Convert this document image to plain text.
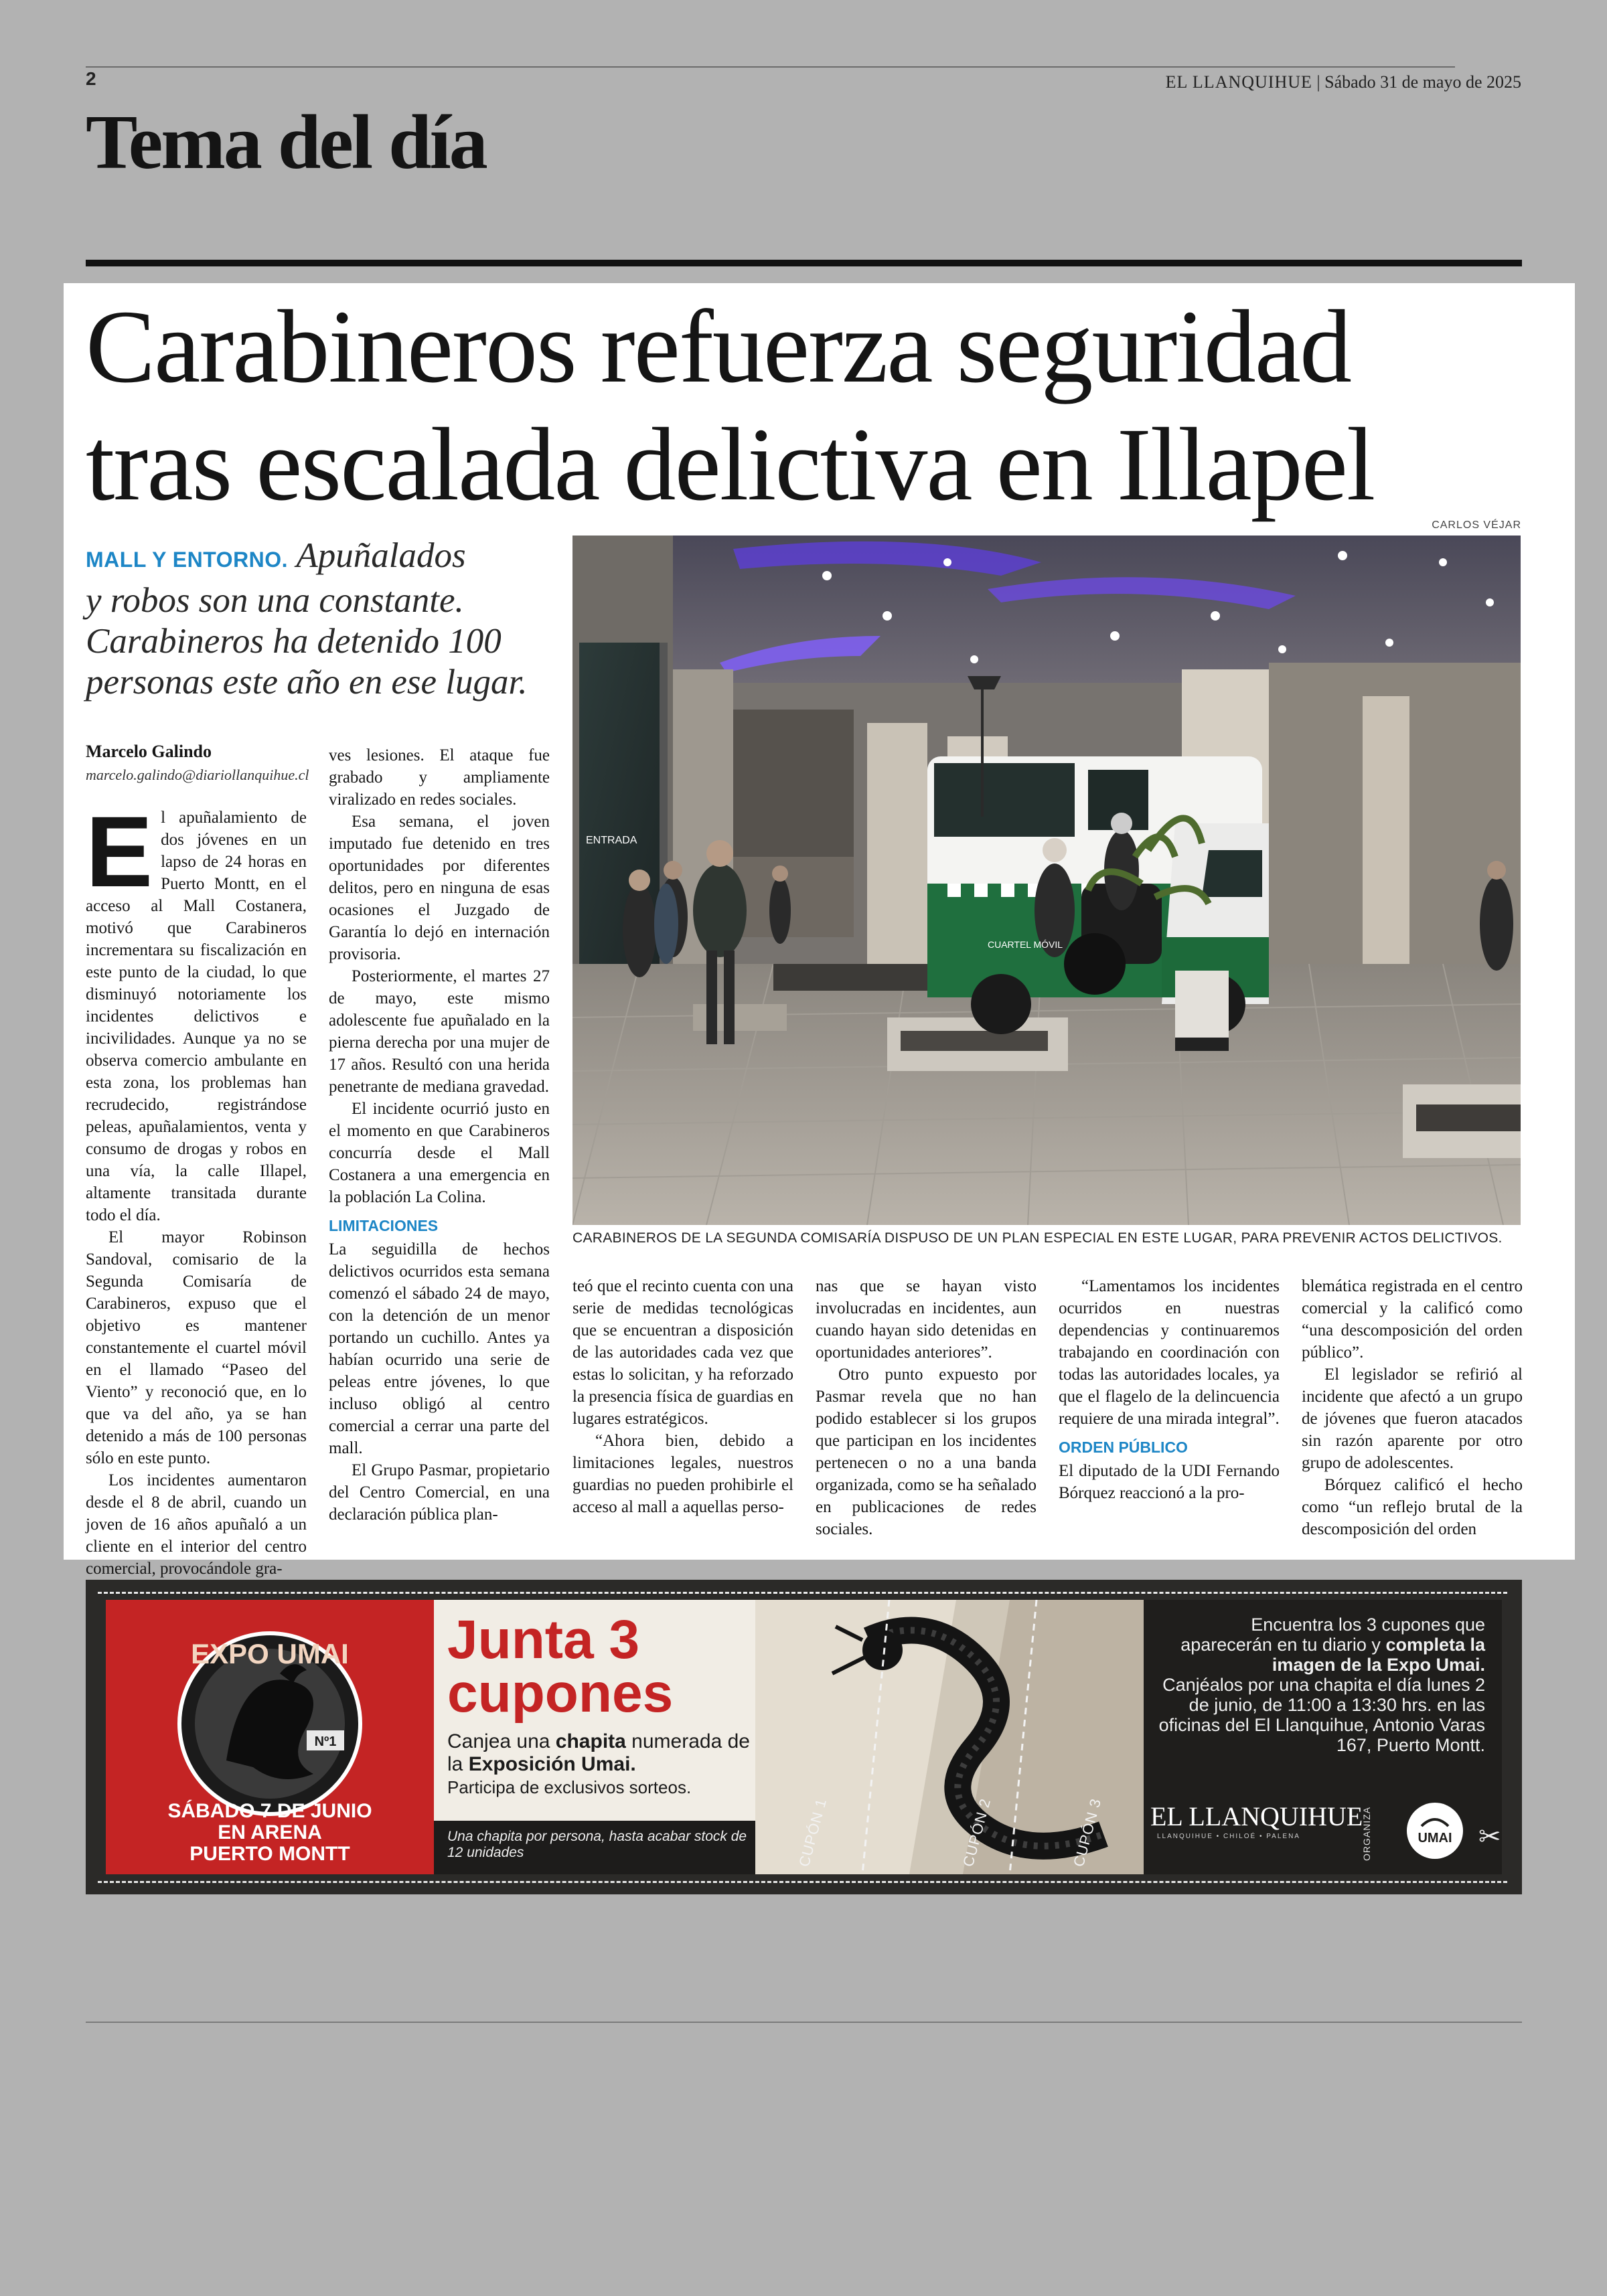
2	EL LLANQUIHUE | Sábado 31 de mayo de 2025
Tema del día
Carabineros refuerza seguridad
tras escalada delictiva en Illapel
MALL Y ENTORNO. Apuñalados
y robos son una constante.
Carabineros ha detenido 100
personas este año en ese lugar.
Marcelo Galindo
marcelo.galindo@diariollanquihue.cl
CARLOS VÉJAR
ENTRADA
CUARTEL MÓVIL
CARABINEROS DE LA SEGUNDA COMISARÍA DISPUSO DE UN PLAN ESPECIAL EN ESTE LUGAR, PARA PREVENIR ACTOS DELICTIVOS.

El apuñalamiento de dos jóvenes en un lapso de 24 horas en Puerto Montt, en el acceso al Mall Costanera, motivó que Carabineros incrementara su fiscalización en este punto de la ciudad, lo que disminuyó notoriamente los incidentes delictivos e incivilidades. Aunque ya no se observa comercio ambulante en esta zona, los problemas han recrudecido, registrándose peleas, apuñalamientos, venta y consumo de drogas y robos en una vía, la calle Illapel, altamente transitada durante todo el día.

El mayor Robinson Sandoval, comisario de la Segunda Comisaría de Carabineros, expuso que el objetivo es mantener constantemente el cuartel móvil en el llamado “Paseo del Viento” y reconoció que, en lo que va del año, ya se han detenido a más de 100 personas sólo en este punto.

Los incidentes aumentaron desde el 8 de abril, cuando un joven de 16 años apuñaló a un cliente en el interior del centro comercial, provocándole gra-

ves lesiones. El ataque fue grabado y ampliamente viralizado en redes sociales.

Esa semana, el joven imputado fue detenido en tres oportunidades por diferentes delitos, pero en ninguna de esas ocasiones el Juzgado de Garantía lo dejó en internación provisoria.

Posteriormente, el martes 27 de mayo, este mismo adolescente fue apuñalado en la pierna derecha por una mujer de 17 años. Resultó con una herida penetrante de mediana gravedad.

El incidente ocurrió justo en el momento en que Carabineros concurría desde el Mall Costanera a una emergencia en la población La Colina.

LIMITACIONES

La seguidilla de hechos delictivos ocurridos esta semana comenzó el sábado 24 de mayo, con la detención de un menor portando un cuchillo. Antes ya habían ocurrido una serie de peleas entre jóvenes, lo que incluso obligó al centro comercial a cerrar una parte del mall.

El Grupo Pasmar, propietario del Centro Comercial, en una declaración pública plan-

teó que el recinto cuenta con una serie de medidas tecnológicas que se encuentran a disposición de las autoridades cada vez que estas lo solicitan, y ha reforzado la presencia física de guardias en lugares estratégicos.

“Ahora bien, debido a limitaciones legales, nuestros guardias no pueden prohibirle el acceso al mall a aquellas perso-

nas que se hayan visto involucradas en incidentes, aun cuando hayan sido detenidas en oportunidades anteriores”.

Otro punto expuesto por Pasmar revela que no han podido establecer si los grupos que participan en los incidentes pertenecen o no a una banda organizada, como se ha señalado en publicaciones de redes sociales.

“Lamentamos los incidentes ocurridos en nuestras dependencias y continuaremos trabajando en coordinación con todas las autoridades locales, ya que el flagelo de la delincuencia requiere de una mirada integral”.

ORDEN PÚBLICO

El diputado de la UDI Fernando Bórquez reaccionó a la pro-

blemática registrada en el centro comercial y la calificó como “una descomposición del orden público”.

El legislador se refirió al incidente que afectó a un grupo de jóvenes que fueron atacados sin razón aparente por otro grupo de adolescentes.

Bórquez calificó el hecho como “un reflejo brutal de la descomposición del orden

EXPO UMAI
Nº1
SÁBADO 7 DE JUNIO
EN ARENA
PUERTO MONTT
Junta 3
cupones
Canjea una chapita numerada de la Exposición Umai.
Participa de exclusivos sorteos.
Una chapita por persona, hasta acabar stock de 12 unidades	CUPÓN 1	CUPÓN 2	CUPÓN 3
Encuentra los 3 cupones que aparecerán en tu diario y completa la imagen de la Expo Umai.
Canjéalos por una chapita el día lunes 2 de junio, de 11:00 a 13:30 hrs. en las oficinas del El Llanquihue, Antonio Varas 167, Puerto Montt.
EL LLANQUIHUE
LLANQUIHUE • CHILOÉ • PALENA	ORGANIZA	UMAI ✂
